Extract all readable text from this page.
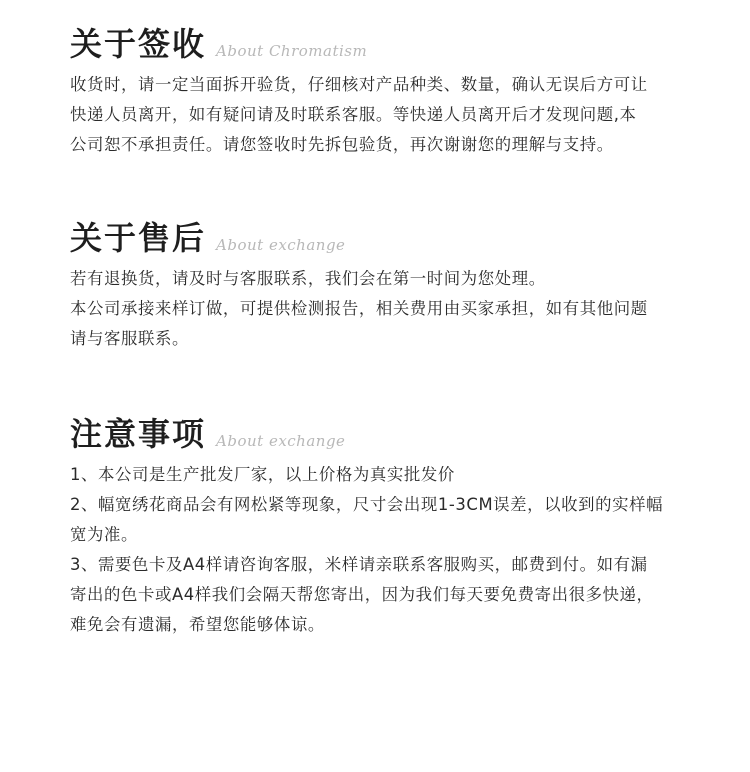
关于签收 About Chromatism
收货时，请一定当面拆开验货，仔细核对产品种类、数量，确认无误后方可让
快递人员离开，如有疑问请及时联系客服。等快递人员离开后才发现问题,本
公司恕不承担责任。请您签收时先拆包验货，再次谢谢您的理解与支持。
关于售后 About exchange
若有退换货，请及时与客服联系，我们会在第一时间为您处理。
本公司承接来样订做，可提供检测报告，相关费用由买家承担，如有其他问题
请与客服联系。
注意事项 About exchange
1、本公司是生产批发厂家，以上价格为真实批发价
2、幅宽绣花商品会有网松紧等现象，尺寸会出现1-3CM误差，以收到的实样幅
宽为准。
3、需要色卡及A4样请咨询客服，米样请亲联系客服购买，邮费到付。如有漏
寄出的色卡或A4样我们会隔天帮您寄出，因为我们每天要免费寄出很多快递，
难免会有遗漏，希望您能够体谅。
